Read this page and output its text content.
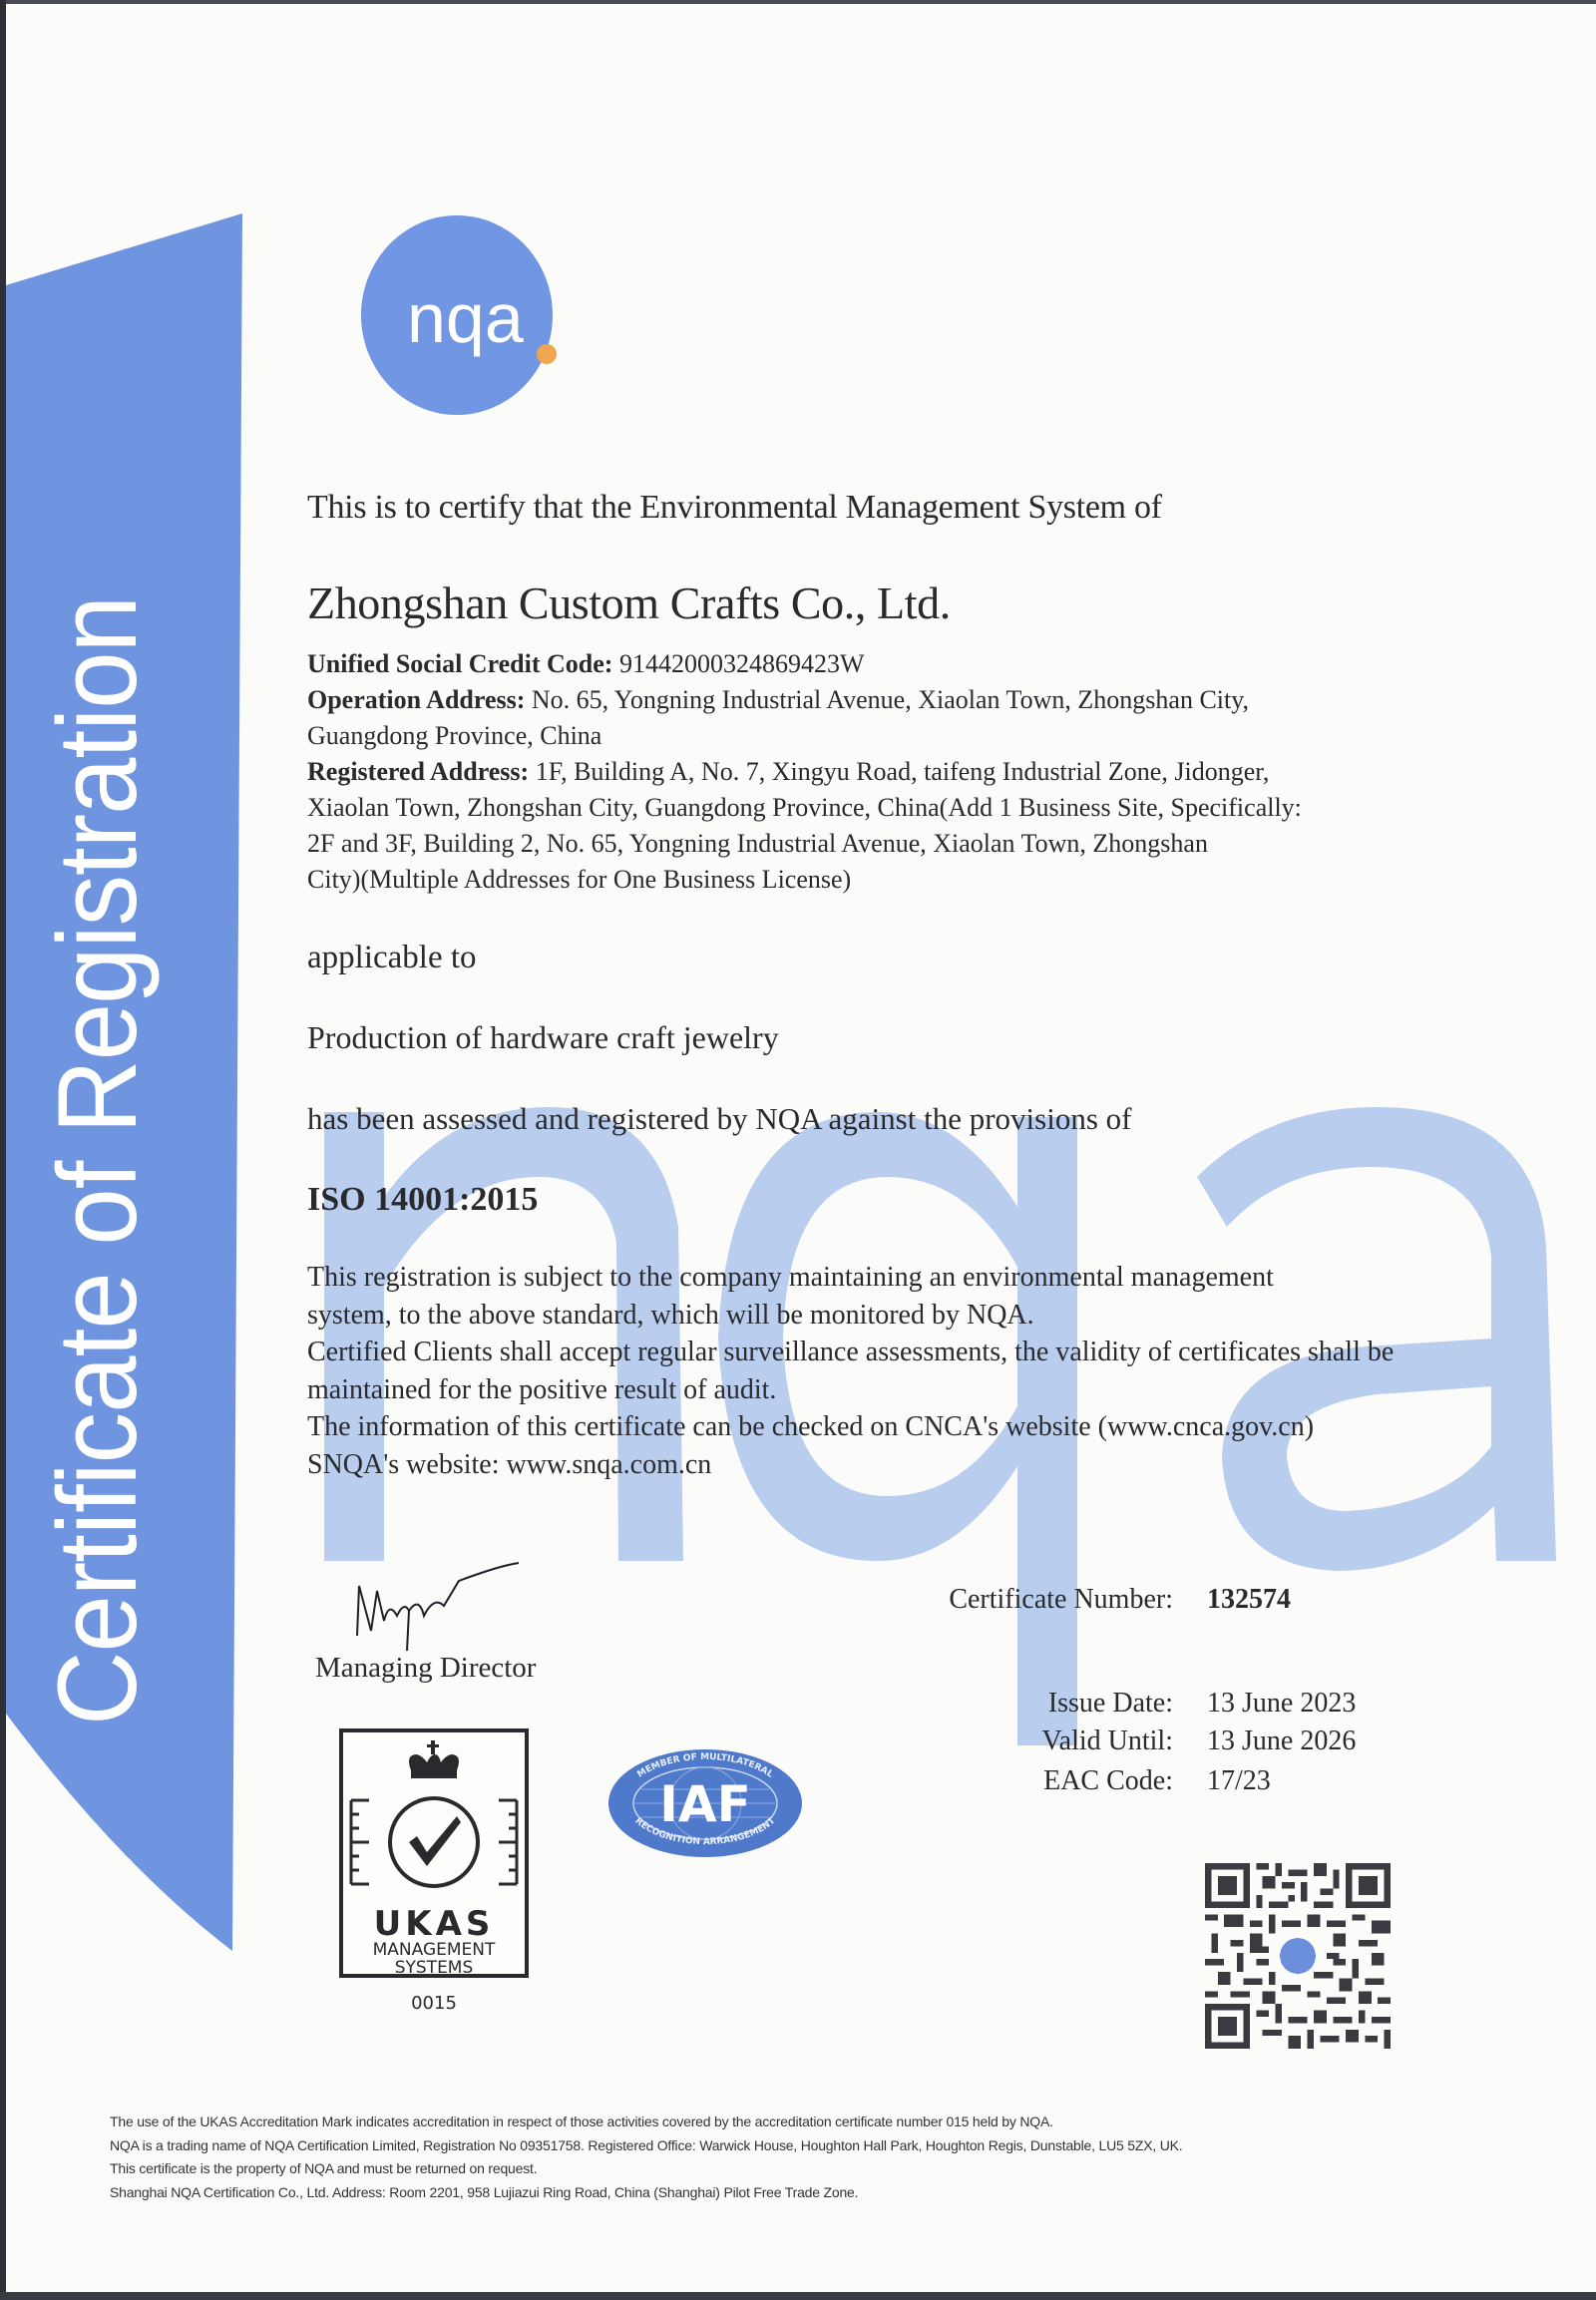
Certificate of Registration
nqa
This is to certify that the Environmental Management System of
Zhongshan Custom Crafts Co., Ltd.
Unified Social Credit Code: 91442000324869423W
Operation Address: No. 65, Yongning Industrial Avenue, Xiaolan Town, Zhongshan City,
Guangdong Province, China
Registered Address: 1F, Building A, No. 7, Xingyu Road, taifeng Industrial Zone, Jidonger,
Xiaolan Town, Zhongshan City, Guangdong Province, China(Add 1 Business Site, Specifically:
2F and 3F, Building 2, No. 65, Yongning Industrial Avenue, Xiaolan Town, Zhongshan
City)(Multiple Addresses for One Business License)
applicable to
Production of hardware craft jewelry
has been assessed and registered by NQA against the provisions of
ISO 14001:2015
This registration is subject to the company maintaining an environmental management
system, to the above standard, which will be monitored by NQA.
Certified Clients shall accept regular surveillance assessments, the validity of certificates shall be
maintained for the positive result of audit.
The information of this certificate can be checked on CNCA's website (www.cnca.gov.cn)
SNQA's website: www.snqa.com.cn
Managing Director
Certificate Number: 132574
Issue Date: 13 June 2023
Valid Until: 13 June 2026
EAC Code: 17/23
UKAS
MANAGEMENT
SYSTEMS
0015
IAF
MEMBER OF MULTILATERAL
RECOGNITION ARRANGEMENT
The use of the UKAS Accreditation Mark indicates accreditation in respect of those activities covered by the accreditation certificate number 015 held by NQA.
NQA is a trading name of NQA Certification Limited, Registration No 09351758. Registered Office: Warwick House, Houghton Hall Park, Houghton Regis, Dunstable, LU5 5ZX, UK.
This certificate is the property of NQA and must be returned on request.
Shanghai NQA Certification Co., Ltd. Address: Room 2201, 958 Lujiazui Ring Road, China (Shanghai) Pilot Free Trade Zone.
